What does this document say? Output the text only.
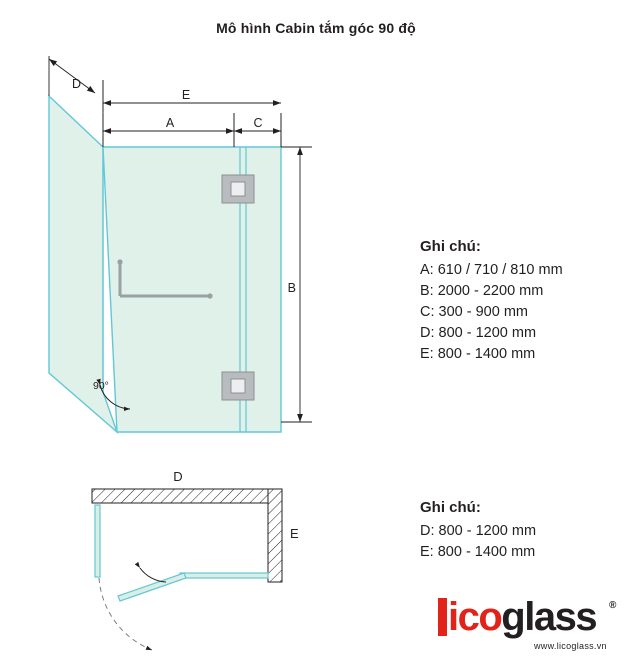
Mô hình Cabin tắm góc 90 độ
D
E
A	C
B
90°
D
E
Ghi chú:
A: 610 / 710 / 810 mm
B: 2000 - 2200 mm
C: 300 - 900 mm
D: 800 - 1200 mm
E: 800 - 1400 mm
Ghi chú:
D: 800 - 1200 mm
E: 800 - 1400 mm
icoglass ®
www.licoglass.vn
